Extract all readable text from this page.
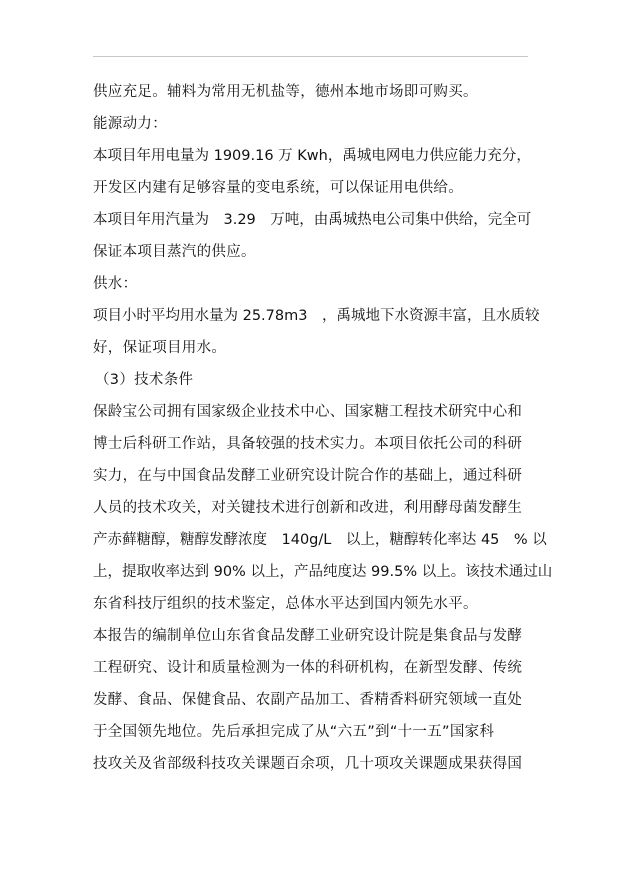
供应充足。辅料为常用无机盐等，德州本地市场即可购买。
能源动力：
本项目年用电量为 1909.16 万 Kwh，禹城电网电力供应能力充分，
开发区内建有足够容量的变电系统，可以保证用电供给。
本项目年用汽量为　3.29　万吨，由禹城热电公司集中供给，完全可
保证本项目蒸汽的供应。
供水：
项目小时平均用水量为 25.78m3　，禹城地下水资源丰富，且水质较
好，保证项目用水。
（3）技术条件
保龄宝公司拥有国家级企业技术中心、国家糖工程技术研究中心和
博士后科研工作站，具备较强的技术实力。本项目依托公司的科研
实力，在与中国食品发酵工业研究设计院合作的基础上，通过科研
人员的技术攻关，对关键技术进行创新和改进，利用酵母菌发酵生
产赤藓糖醇，糖醇发酵浓度　140g/L　以上，糖醇转化率达 45　% 以
上，提取收率达到 90% 以上，产品纯度达 99.5% 以上。该技术通过山
东省科技厅组织的技术鉴定，总体水平达到国内领先水平。
本报告的编制单位山东省食品发酵工业研究设计院是集食品与发酵
工程研究、设计和质量检测为一体的科研机构，在新型发酵、传统
发酵、食品、保健食品、农副产品加工、香精香料研究领域一直处
于全国领先地位。先后承担完成了从“六五”到“十一五”国家科
技攻关及省部级科技攻关课题百余项，几十项攻关课题成果获得国
